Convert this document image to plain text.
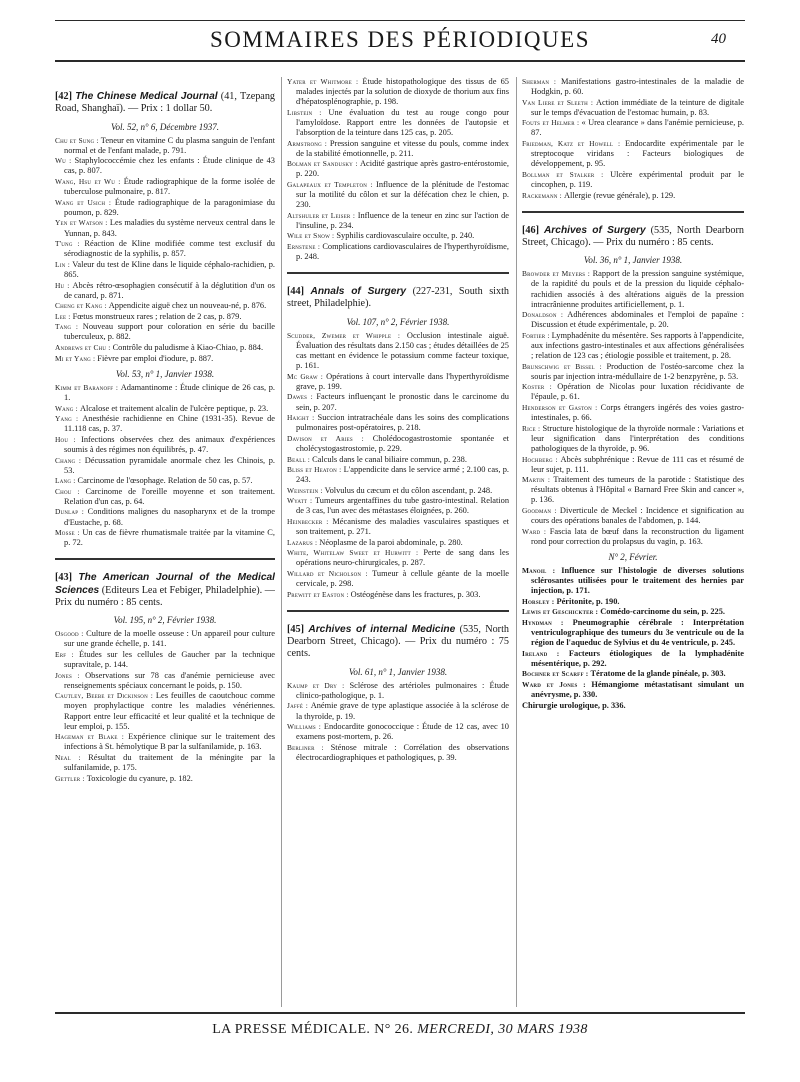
SOMMAIRES DES PÉRIODIQUES	40
[42] The Chinese Medical Journal (41, Tzepang Road, Shanghaï). — Prix : 1 dollar 50.
Vol. 52, n° 6, Décembre 1937.
Chu et Sung : Teneur en vitamine C du plasma sanguin de l'enfant normal et de l'enfant malade, p. 791.
Wu : Staphylococcémie chez les enfants : Étude clinique de 43 cas, p. 807.
Wang, Hsu et Wu : Étude radiographique de la forme isolée de tuberculose pulmonaire, p. 817.
Wang et Usich : Étude radiographique de la paragonimiase du poumon, p. 829.
Yen et Watson : Les maladies du système nerveux central dans le Yunnan, p. 843.
T'ung : Réaction de Kline modifiée comme test exclusif du sérodiagnostic de la syphilis, p. 857.
Lin : Valeur du test de Kline dans le liquide céphalo-rachidien, p. 865.
Hu : Abcès rétro-œsophagien consécutif à la déglutition d'un os de canard, p. 871.
Cheng et Kang : Appendicite aiguë chez un nouveau-né, p. 876.
Lee : Fœtus monstrueux rares ; relation de 2 cas, p. 879.
Tang : Nouveau support pour coloration en série du bacille tuberculeux, p. 882.
Andrews et Chu : Contrôle du paludisme à Kiao-Chiao, p. 884.
Mi et Yang : Fièvre par emploi d'iodure, p. 887.
Vol. 53, n° 1, Janvier 1938.
Kimm et Baranoff : Adamantinome : Étude clinique de 26 cas, p. 1.
Wang : Alcalose et traitement alcalin de l'ulcère peptique, p. 23.
Yang : Anesthésie rachidienne en Chine (1931-35). Revue de 11.118 cas, p. 37.
Hou : Infections observées chez des animaux d'expériences soumis à des régimes non équilibrés, p. 47.
Chang : Décussation pyramidale anormale chez les Chinois, p. 53.
Lang : Carcinome de l'œsophage. Relation de 50 cas, p. 57.
Chou : Carcinome de l'oreille moyenne et son traitement. Relation d'un cas, p. 64.
Dunlap : Conditions malignes du nasopharynx et de la trompe d'Eustache, p. 68.
Mosse : Un cas de fièvre rhumatismale traitée par la vitamine C, p. 72.
[43] The American Journal of the Medical Sciences (Editeurs Lea et Febiger, Philadelphie). — Prix du numéro : 85 cents.
Vol. 195, n° 2, Février 1938.
Osgood : Culture de la moelle osseuse : Un appareil pour culture sur une grande échelle, p. 141.
Erf : Études sur les cellules de Gaucher par la technique supravitale, p. 144.
Jones : Observations sur 78 cas d'anémie pernicieuse avec renseignements spéciaux concernant le poids, p. 150.
Cautley, Beebe et Dickinson : Les feuilles de caoutchouc comme moyen prophylactique contre les maladies vénériennes. Rapport entre leur efficacité et leur qualité et la technique de leur emploi, p. 155.
Hageman et Blake : Expérience clinique sur le traitement des infections à St. hémolytique B par la sulfanilamide, p. 163.
Neal : Résultat du traitement de la méningite par la sulfanilamide, p. 175.
Gettler : Toxicologie du cyanure, p. 182.
Yater et Whitmore : Étude histopathologique des tissus de 65 malades injectés par la solution de dioxyde de thorium aux fins d'hépatosplénographie, p. 198.
Libstein : Une évaluation du test au rouge congo pour l'amyloïdose. Rapport entre les données de l'autopsie et l'absorption de la teinture dans 125 cas, p. 205.
Armstrong : Pression sanguine et vitesse du pouls, comme index de la stabilité émotionnelle, p. 211.
Bolman et Sandusky : Acidité gastrique après gastro-entérostomie, p. 220.
Galapeaux et Templeton : Influence de la plénitude de l'estomac sur la motilité du côlon et sur la défécation chez le chien, p. 230.
Altshuler et Leiser : Influence de la teneur en zinc sur l'action de l'insuline, p. 234.
Wile et Snow : Syphilis cardiovasculaire occulte, p. 240.
Ernstene : Complications cardiovasculaires de l'hyperthyroïdisme, p. 248.
[44] Annals of Surgery (227-231, South sixth street, Philadelphie).
Vol. 107, n° 2, Février 1938.
Scudder, Zwemer et Whipple : Occlusion intestinale aiguë. Évaluation des résultats dans 2.150 cas ; études détaillées de 25 cas mettant en évidence le potassium comme facteur toxique, p. 161.
Mc Graw : Opérations à court intervalle dans l'hyperthyroïdisme grave, p. 199.
Dawes : Facteurs influençant le pronostic dans le carcinome du sein, p. 207.
Haight : Succion intratrachéale dans les soins des complications pulmonaires post-opératoires, p. 218.
Davison et Aries : Cholédocogastrostomie spontanée et cholécystogastrostomie, p. 229.
Beall : Calculs dans le canal biliaire commun, p. 238.
Bliss et Heaton : L'appendicite dans le service armé ; 2.100 cas, p. 243.
Weinstein : Volvulus du cæcum et du côlon ascendant, p. 248.
Wyatt : Tumeurs argentaffines du tube gastro-intestinal. Relation de 3 cas, l'un avec des métastases éloignées, p. 260.
Heinbecker : Mécanisme des maladies vasculaires spastiques et son traitement, p. 271.
Lazarus : Néoplasme de la paroi abdominale, p. 280.
White, Whitelaw Sweet et Hurwitt : Perte de sang dans les opérations neuro-chirurgicales, p. 287.
Willard et Nicholson : Tumeur à cellule géante de la moelle cervicale, p. 298.
Prewitt et Easton : Ostéogénèse dans les fractures, p. 303.
[45] Archives of internal Medicine (535, North Dearborn Street, Chicago). — Prix du numéro : 75 cents.
Vol. 61, n° 1, Janvier 1938.
Kaump et Dry : Sclérose des artérioles pulmonaires : Étude clinico-pathologique, p. 1.
Jaffé : Anémie grave de type aplastique associée à la sclérose de la thyroïde, p. 19.
Williams : Endocardite gonococcique : Étude de 12 cas, avec 10 examens post-mortem, p. 26.
Berliner : Sténose mitrale : Corrélation des observations électrocardiographiques et pathologiques, p. 39.
Sherman : Manifestations gastro-intestinales de la maladie de Hodgkin, p. 60.
Van Liere et Sleeth : Action immédiate de la teinture de digitale sur le temps d'évacuation de l'estomac humain, p. 83.
Fouts et Helmer : « Urea clearance » dans l'anémie pernicieuse, p. 87.
Friedman, Katz et Howell : Endocardite expérimentale par le streptocoque viridans : Facteurs biologiques de développement, p. 95.
Bollman et Stalker : Ulcère expérimental produit par le cincophen, p. 119.
Rackemann : Allergie (revue générale), p. 129.
[46] Archives of Surgery (535, North Dearborn Street, Chicago). — Prix du numéro : 85 cents.
Vol. 36, n° 1, Janvier 1938.
Browder et Meyers : Rapport de la pression sanguine systémique, de la rapidité du pouls et de la pression du liquide céphalo-rachidien associés à des altérations aiguës de la pression intracrânienne produites artificiellement, p. 1.
Donaldson : Adhérences abdominales et l'emploi de papaïne : Discussion et étude expérimentale, p. 20.
Fortier : Lymphadénite du mésentère. Ses rapports à l'appendicite, aux infections gastro-intestinales et aux affections généralisées ; relation de 123 cas ; étiologie possible et traitement, p. 28.
Brunschwig et Bissel : Production de l'ostéo-sarcome chez la souris par injection intra-médullaire de 1-2 benzpyrène, p. 53.
Koster : Opération de Nicolas pour luxation récidivante de l'épaule, p. 61.
Henderson et Gaston : Corps étrangers ingérés des voies gastro-intestinales, p. 66.
Rice : Structure histologique de la thyroïde normale : Variations et leur signification dans l'interprétation des conditions pathologiques de la thyroïde, p. 96.
Hochberg : Abcès subphrénique : Revue de 111 cas et résumé de leur sujet, p. 111.
Martin : Traitement des tumeurs de la parotide : Statistique des résultats obtenus à l'Hôpital « Barnard Free Skin and cancer », p. 136.
Goodman : Diverticule de Meckel : Incidence et signification au cours des opérations banales de l'abdomen, p. 144.
Ward : Fascia lata de bœuf dans la reconstruction du ligament rond pour correction du prolapsus du vagin, p. 163.
N° 2, Février.
Manoil : Influence sur l'histologie de diverses solutions sclérosantes utilisées pour le traitement des hernies par injection, p. 171.
Horsley : Péritonite, p. 190.
Lewis et Geschickter : Comédo-carcinome du sein, p. 225.
Hyndman : Pneumographie cérébrale : Interprétation ventriculographique des tumeurs du 3e ventricule ou de la région de l'aqueduc de Sylvius et du 4e ventricule, p. 245.
Ireland : Facteurs étiologiques de la lymphadénite mésentérique, p. 292.
Bochner et Scarff : Tératome de la glande pinéale, p. 303.
Ward et Jones : Hémangiome métastatisant simulant un anévrysme, p. 330.
Chirurgie urologique, p. 336.
LA PRESSE MÉDICALE. N° 26. MERCREDI, 30 MARS 1938
